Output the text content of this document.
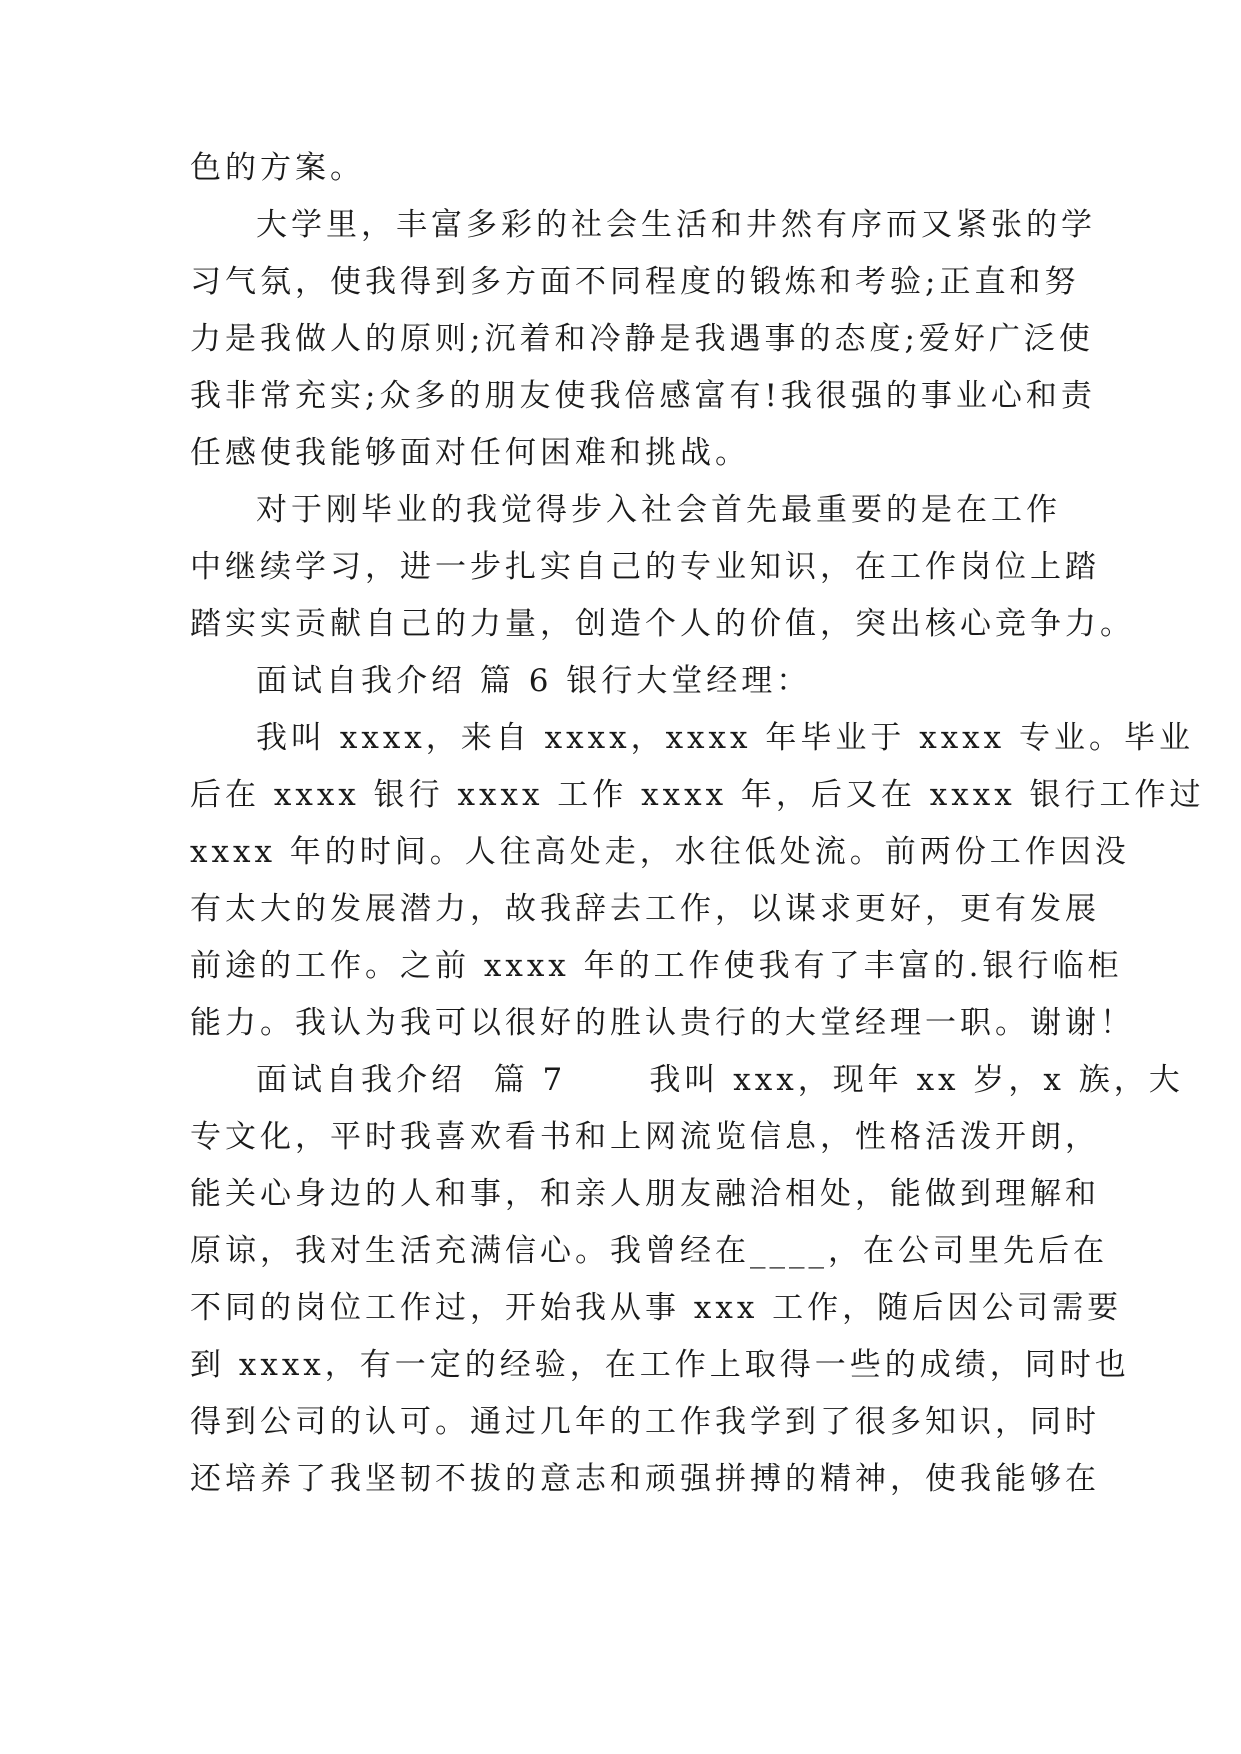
色的方案。
大学里，丰富多彩的社会生活和井然有序而又紧张的学
习气氛，使我得到多方面不同程度的锻炼和考验;正直和努
力是我做人的原则;沉着和冷静是我遇事的态度;爱好广泛使
我非常充实;众多的朋友使我倍感富有!我很强的事业心和责
任感使我能够面对任何困难和挑战。
对于刚毕业的我觉得步入社会首先最重要的是在工作
中继续学习，进一步扎实自己的专业知识，在工作岗位上踏
踏实实贡献自己的力量，创造个人的价值，突出核心竞争力。
面试自我介绍 篇 6 银行大堂经理：
我叫 xxxx，来自 xxxx，xxxx 年毕业于 xxxx 专业。毕业
后在 xxxx 银行 xxxx 工作 xxxx 年，后又在 xxxx 银行工作过
xxxx 年的时间。人往高处走，水往低处流。前两份工作因没
有太大的发展潜力，故我辞去工作，以谋求更好，更有发展
前途的工作。之前 xxxx 年的工作使我有了丰富的.银行临柜
能力。我认为我可以很好的胜认贵行的大堂经理一职。谢谢！
面试自我介绍  篇 7      我叫 xxx，现年 xx 岁，x 族，大
专文化，平时我喜欢看书和上网流览信息，性格活泼开朗，
能关心身边的人和事，和亲人朋友融洽相处，能做到理解和
原谅，我对生活充满信心。我曾经在____，在公司里先后在
不同的岗位工作过，开始我从事 xxx 工作，随后因公司需要
到 xxxx，有一定的经验，在工作上取得一些的成绩，同时也
得到公司的认可。通过几年的工作我学到了很多知识，同时
还培养了我坚韧不拔的意志和顽强拼搏的精神，使我能够在
